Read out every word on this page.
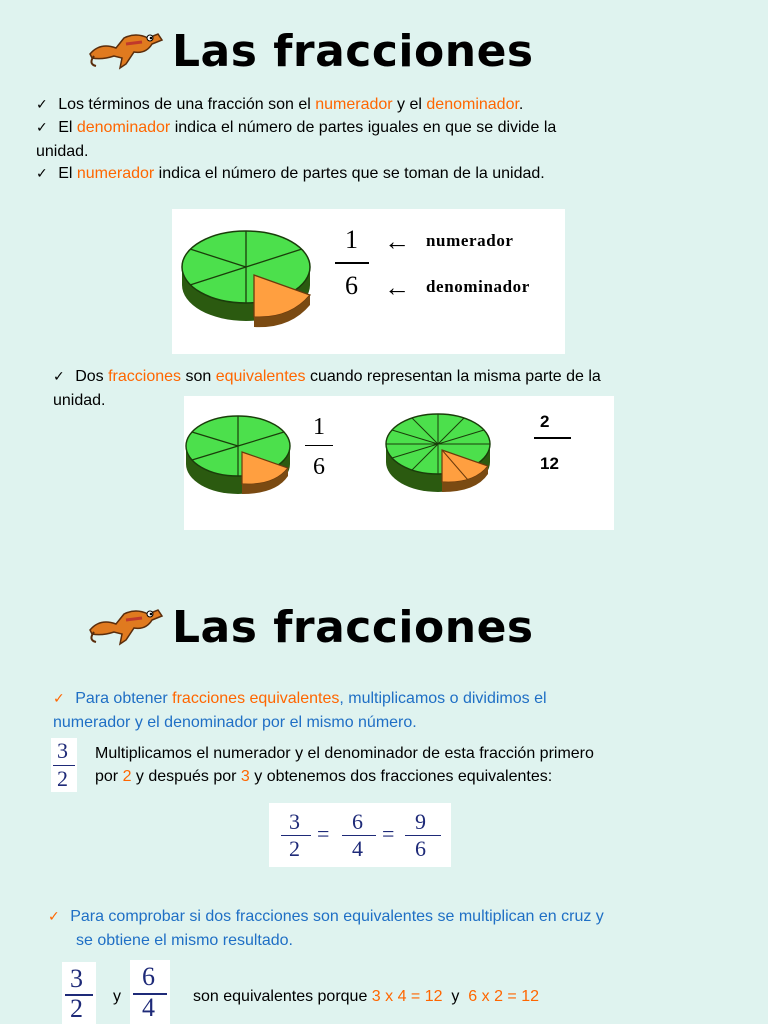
Las fracciones
✓ Los términos de una fracción son el numerador y el denominador.
✓ El denominador indica el número de partes iguales en que se divide la
unidad.
✓ El numerador indica el número de partes que se toman de la unidad.
1
6
← numerador
← denominador
✓ Dos fracciones son equivalentes cuando representan la misma parte de la
unidad.
1
6
2
12
Las fracciones
✓ Para obtener fracciones equivalentes, multiplicamos o dividimos el
numerador y el denominador por el mismo número.
3
2
Multiplicamos el numerador y el denominador de esta fracción primero
por 2 y después por 3 y obtenemos dos fracciones equivalentes:
3
2
= 6
4
= 9
6
✓ Para comprobar si dos fracciones son equivalentes se multiplican en cruz y
se obtiene el mismo resultado.
3
2 y
6
4 son equivalentes porque 3 x 4 = 12  y  6 x 2 = 12
